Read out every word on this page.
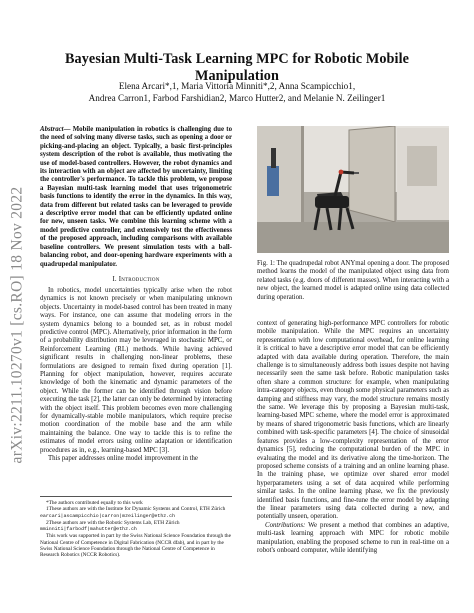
arXiv:2211.10270v1 [cs.RO] 18 Nov 2022
Bayesian Multi-Task Learning MPC for Robotic Mobile Manipulation
Elena Arcari*,1, Maria Vittoria Minniti*,2, Anna Scampicchio1,
Andrea Carron1, Farbod Farshidian2, Marco Hutter2, and Melanie N. Zeilinger1
Abstract— Mobile manipulation in robotics is challenging due to the need of solving many diverse tasks, such as opening a door or picking-and-placing an object. Typically, a basic first-principles system description of the robot is available, thus motivating the use of model-based controllers. However, the robot dynamics and its interaction with an object are affected by uncertainty, limiting the controller's performance. To tackle this problem, we propose a Bayesian multi-task learning model that uses trigonometric basis functions to identify the error in the dynamics. In this way, data from different but related tasks can be leveraged to provide a descriptive error model that can be efficiently updated online for new, unseen tasks. We combine this learning scheme with a model predictive controller, and extensively test the effectiveness of the proposed approach, including comparisons with available baseline controllers. We present simulation tests with a ball-balancing robot, and door-opening hardware experiments with a quadrupedal manipulator.
I. Introduction

In robotics, model uncertainties typically arise when the robot dynamics is not known precisely or when manipulating unknown objects. Uncertainty in model-based control has been treated in many ways. For instance, one can assume that modeling errors in the system dynamics belong to a bounded set, as in robust model predictive control (MPC). Alternatively, prior information in the form of a probability distribution may be leveraged in stochastic MPC, or Reinforcement Learning (RL) methods. While having achieved significant results in challenging non-linear problems, these formulations are designed to remain fixed during operation [1]. Planning for object manipulation, however, requires accurate knowledge of both the kinematic and dynamic parameters of the object. While the former can be identified through vision before executing the task [2], the latter can only be determined by interacting with the object itself. This problem becomes even more challenging for dynamically-stable mobile manipulators, which require precise motion coordination of the mobile base and the arm while maintaining the balance. One way to tackle this is to refine the estimates of model errors using online adaptation or identification procedures as in, e.g., learning-based MPC [3].

This paper addresses online model improvement in the

*The authors contributed equally to this work
1These authors are with the Institute for Dynamic Systems and Control, ETH Zürich earcari|ascampicchio|carron|mzeilinger@ethz.ch
2These authors are with the Robotic Systems Lab, ETH Zürich mminniti|farbodf|mahutter@ethz.ch
This work was supported in part by the Swiss National Science Foundation through the National Centre of Competence in Digital Fabrication (NCCR dfab), and in part by the Swiss National Science Foundation through the National Centre of Competence in Research Robotics (NCCR Robotics).
Fig. 1: The quadrupedal robot ANYmal opening a door. The proposed method learns the model of the manipulated object using data from related tasks (e.g. doors of different masses). When interacting with a new object, the learned model is adapted online using data collected during operation.

context of generating high-performance MPC controllers for robotic mobile manipulation. While the MPC requires an uncertainty representation with low computational overhead, for online learning it is critical to have a descriptive error model that can be efficiently adapted with data available during operation. Therefore, the main challenge is to simultaneously address both issues despite not having necessarily seen the same task before. Robotic manipulation tasks often share a common structure: for example, when manipulating intra-category objects, even though some physical parameters such as damping and stiffness may vary, the model structure remains mostly the same. We leverage this by proposing a Bayesian multi-task, learning-based MPC scheme, where the model error is approximated by means of shared trigonometric basis functions, which are linearly combined with task-specific parameters [4]. The choice of sinusoidal features provides a low-complexity representation of the error dynamics [5], reducing the computational burden of the MPC in evaluating the model and its derivative along the time-horizon. The proposed scheme consists of a training and an online learning phase. In the training phase, we optimize over shared error model hyperparameters using a set of data acquired while performing similar tasks. In the online learning phase, we fix the previously identified basis functions, and fine-tune the error model by adapting the linear parameters using data collected during a new, and potentially unseen, operation.

Contributions: We present a method that combines an adaptive, multi-task learning approach with MPC for robotic mobile manipulation, enabling the proposed scheme to run in real-time on a robot's onboard computer, while identifying
